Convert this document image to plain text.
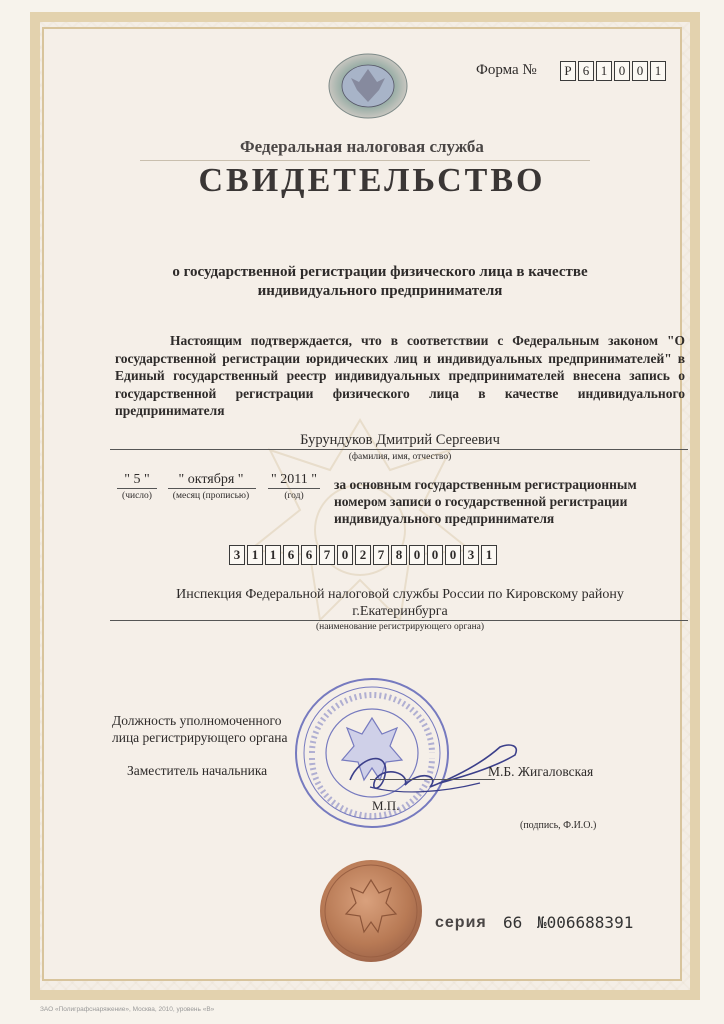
Форма №	Р 6 1 0 0 1
Федеральная налоговая служба
СВИДЕТЕЛЬСТВО
о государственной регистрации физического лица в качестве индивидуального предпринимателя
Настоящим подтверждается, что в соответствии с Федеральным законом "О государственной регистрации юридических лиц и индивидуальных предпринимателей" в Единый государственный реестр индивидуальных предпринимателей внесена запись о государственной регистрации физического лица в качестве индивидуального предпринимателя
Бурундуков Дмитрий Сергеевич
(фамилия, имя, отчество)
" 5 "
(число)
" октября "
(месяц (прописью)
" 2011 "
(год)
за основным государственным регистрационным номером записи о государственной регистрации индивидуального предпринимателя
3 1 1 6 6 7 0 2 7 8 0 0 0 3 1
Инспекция Федеральной налоговой службы России по Кировскому району
г.Екатеринбурга
(наименование регистрирующего органа)
Должность уполномоченного
лица регистрирующего органа
Заместитель начальника	М.Б. Жигаловская
М.П.
(подпись, Ф.И.О.)
серия 66 №006688391
ЗАО «Полиграфснаряжение», Москва, 2010, уровень «В»
